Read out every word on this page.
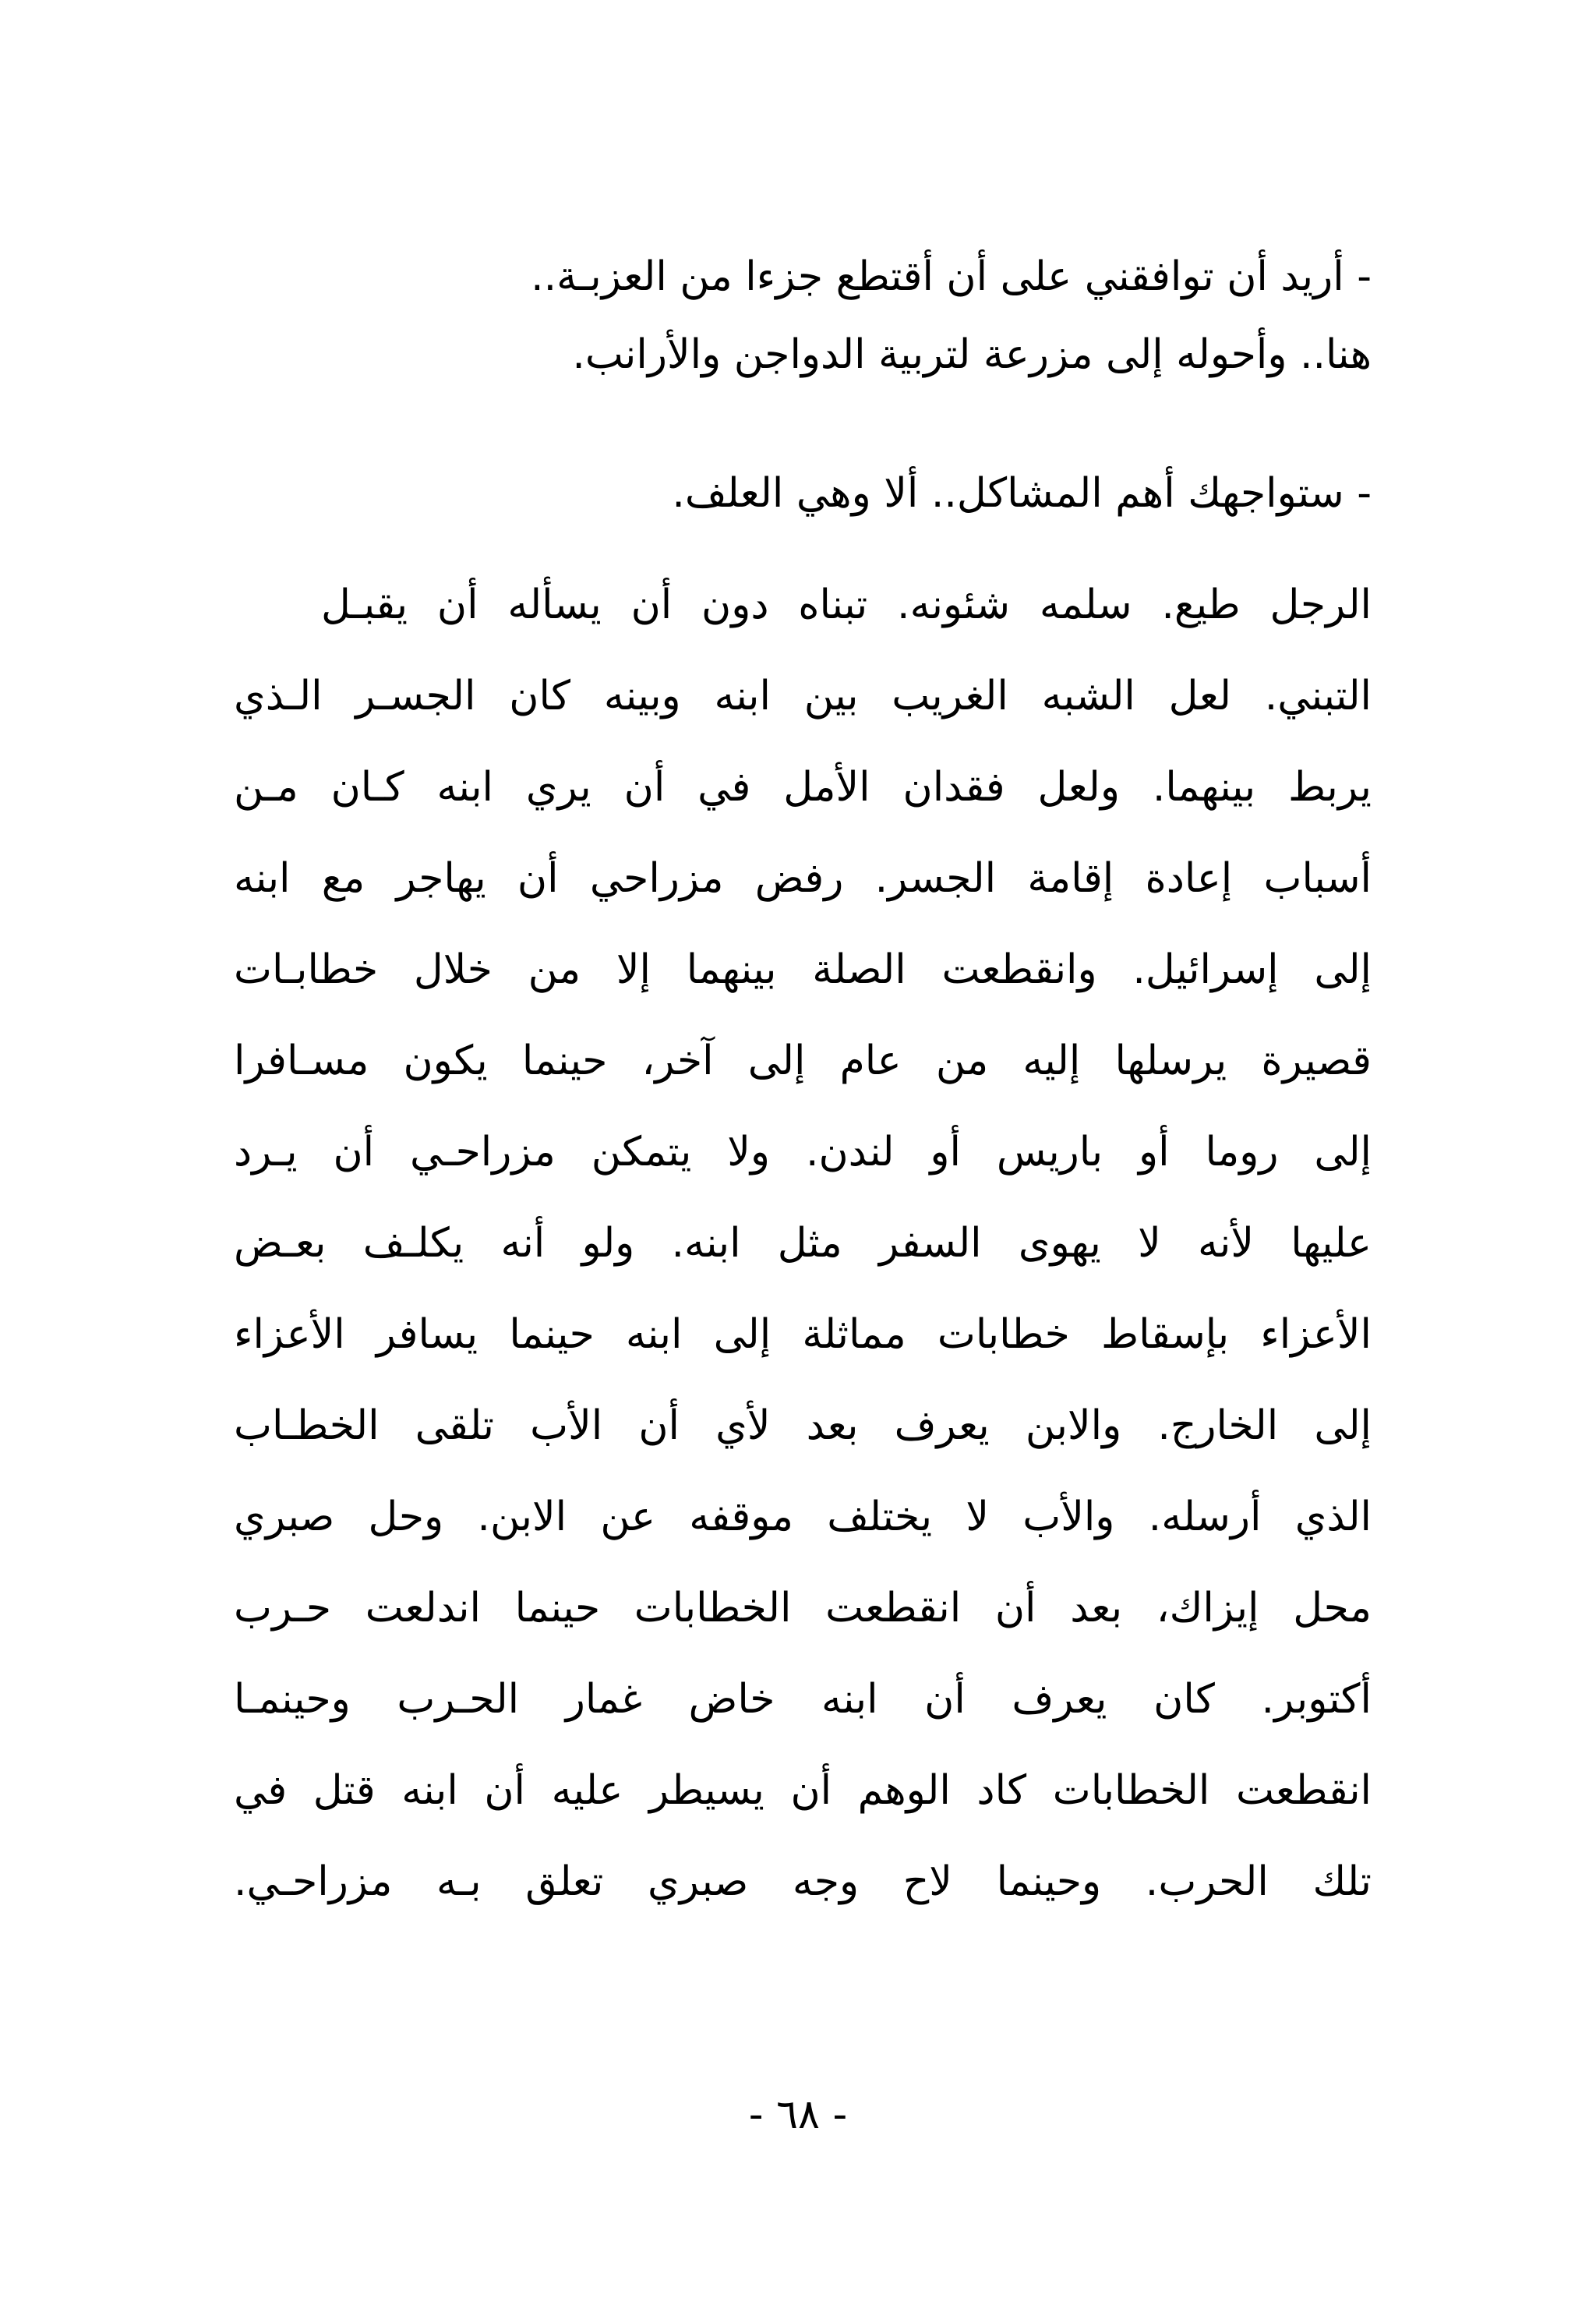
- أريد أن توافقني على أن أقتطع جزءا من العزبـة..
هنا.. وأحوله إلى مزرعة لتربية الدواجن والأرانب.
- ستواجهك أهم المشاكل.. ألا وهي العلف.
الرجل طيع. سلمه شئونه. تبناه دون أن يسأله أن يقبـل
التبني. لعل الشبه الغريب بين ابنه وبينه كان الجسـر الـذي
يربط بينهما. ولعل فقدان الأمل في أن يري ابنه كـان مـن
أسباب إعادة إقامة الجسر. رفض مزراحي أن يهاجر مع ابنه
إلى إسرائيل. وانقطعت الصلة بينهما إلا من خلال خطابـات
قصيرة يرسلها إليه من عام إلى آخر، حينما يكون مسـافرا
إلى روما أو باريس أو لندن. ولا يتمكن مزراحـي أن يـرد
عليها لأنه لا يهوى السفر مثل ابنه. ولو أنه يكلـف بعـض
الأعزاء بإسقاط خطابات مماثلة إلى ابنه حينما يسافر الأعزاء
إلى الخارج. والابن يعرف بعد لأي أن الأب تلقى الخطـاب
الذي أرسله. والأب لا يختلف موقفه عن الابن. وحل صبري
محل إيزاك، بعد أن انقطعت الخطابات حينما اندلعت حـرب
أكتوبر. كان يعرف أن ابنه خاض غمار الحـرب وحينمـا
انقطعت الخطابات كاد الوهم أن يسيطر عليه أن ابنه قتل في
تلك الحرب. وحينما لاح وجه صبري تعلق بـه مزراحـي.
- ٦٨ -
